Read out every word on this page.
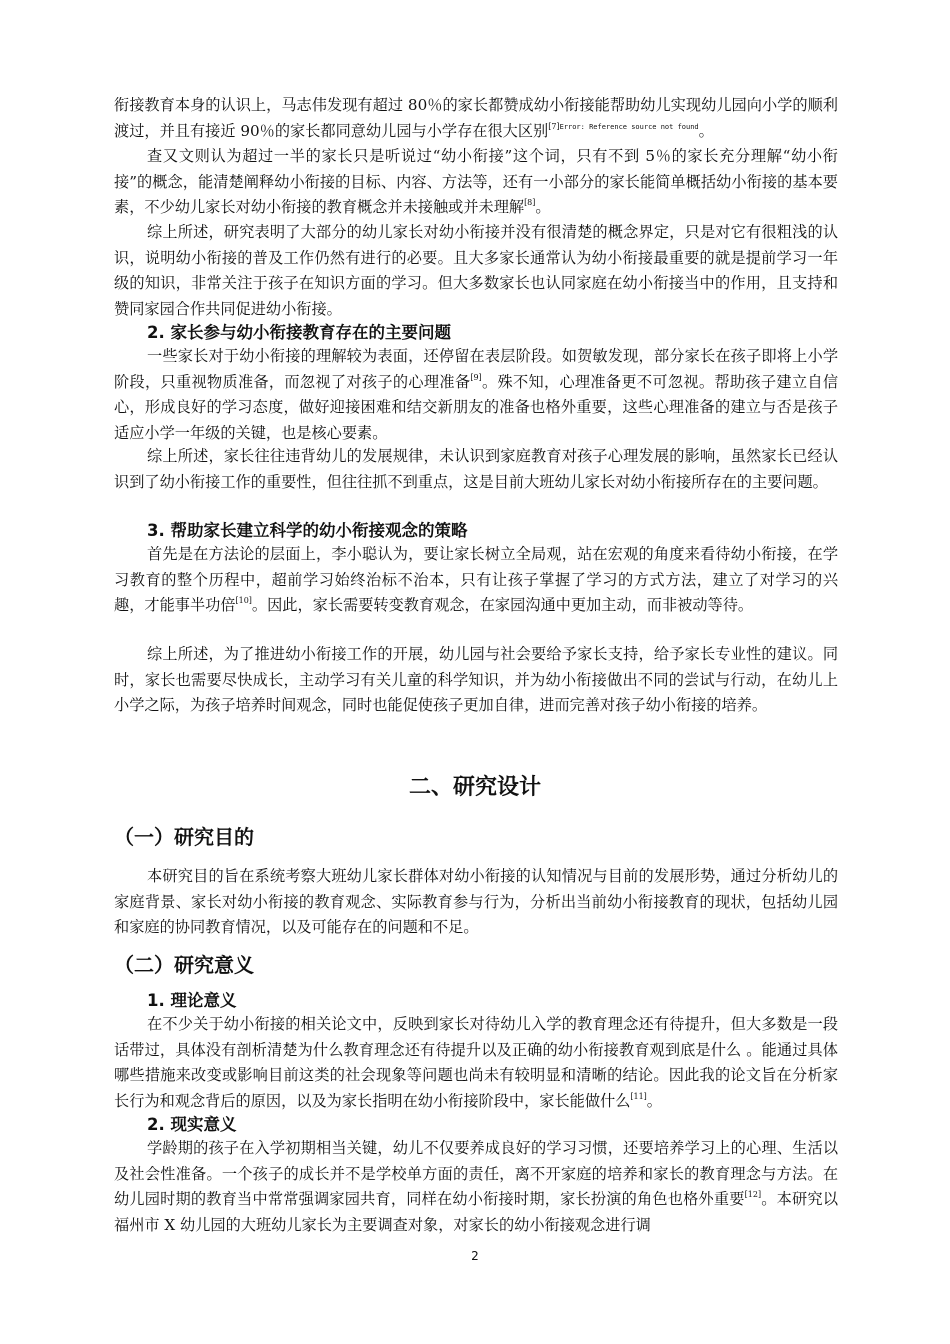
衔接教育本身的认识上，马志伟发现有超过 80％的家长都赞成幼小衔接能帮助幼儿实现幼儿园向小学的顺利渡过，并且有接近 90％的家长都同意幼儿园与小学存在很大区别$^{[7]Error: Reference source not found}$。

查又文则认为超过一半的家长只是听说过“幼小衔接”这个词，只有不到 5％的家长充分理解“幼小衔接”的概念，能清楚阐释幼小衔接的目标、内容、方法等，还有一小部分的家长能简单概括幼小衔接的基本要素，不少幼儿家长对幼小衔接的教育概念并未接触或并未理解[8]。

综上所述，研究表明了大部分的幼儿家长对幼小衔接并没有很清楚的概念界定，只是对它有很粗浅的认识，说明幼小衔接的普及工作仍然有进行的必要。且大多家长通常认为幼小衔接最重要的就是提前学习一年级的知识，非常关注于孩子在知识方面的学习。但大多数家长也认同家庭在幼小衔接当中的作用，且支持和赞同家园合作共同促进幼小衔接。

2. 家长参与幼小衔接教育存在的主要问题

一些家长对于幼小衔接的理解较为表面，还停留在表层阶段。如贺敏发现，部分家长在孩子即将上小学阶段，只重视物质准备，而忽视了对孩子的心理准备[9]。殊不知，心理准备更不可忽视。帮助孩子建立自信心，形成良好的学习态度，做好迎接困难和结交新朋友的准备也格外重要，这些心理准备的建立与否是孩子适应小学一年级的关键，也是核心要素。

综上所述，家长往往违背幼儿的发展规律，未认识到家庭教育对孩子心理发展的影响，虽然家长已经认识到了幼小衔接工作的重要性，但往往抓不到重点，这是目前大班幼儿家长对幼小衔接所存在的主要问题。

3. 帮助家长建立科学的幼小衔接观念的策略

首先是在方法论的层面上，李小聪认为，要让家长树立全局观，站在宏观的角度来看待幼小衔接，在学习教育的整个历程中，超前学习始终治标不治本，只有让孩子掌握了学习的方式方法，建立了对学习的兴趣，才能事半功倍[10]。因此，家长需要转变教育观念，在家园沟通中更加主动，而非被动等待。

综上所述，为了推进幼小衔接工作的开展，幼儿园与社会要给予家长支持，给予家长专业性的建议。同时，家长也需要尽快成长，主动学习有关儿童的科学知识，并为幼小衔接做出不同的尝试与行动，在幼儿上小学之际，为孩子培养时间观念，同时也能促使孩子更加自律，进而完善对孩子幼小衔接的培养。

二、研究设计

（一）研究目的

本研究目的旨在系统考察大班幼儿家长群体对幼小衔接的认知情况与目前的发展形势，通过分析幼儿的家庭背景、家长对幼小衔接的教育观念、实际教育参与行为，分析出当前幼小衔接教育的现状，包括幼儿园和家庭的协同教育情况，以及可能存在的问题和不足。

（二）研究意义

1. 理论意义

在不少关于幼小衔接的相关论文中，反映到家长对待幼儿入学的教育理念还有待提升，但大多数是一段话带过，具体没有剖析清楚为什么教育理念还有待提升以及正确的幼小衔接教育观到底是什么 。能通过具体哪些措施来改变或影响目前这类的社会现象等问题也尚未有较明显和清晰的结论。因此我的论文旨在分析家长行为和观念背后的原因，以及为家长指明在幼小衔接阶段中，家长能做什么[11]。

2. 现实意义

学龄期的孩子在入学初期相当关键，幼儿不仅要养成良好的学习习惯，还要培养学习上的心理、生活以及社会性准备。一个孩子的成长并不是学校单方面的责任，离不开家庭的培养和家长的教育理念与方法。在幼儿园时期的教育当中常常强调家园共育，同样在幼小衔接时期，家长扮演的角色也格外重要[12]。本研究以福州市 X 幼儿园的大班幼儿家长为主要调查对象，对家长的幼小衔接观念进行调

2
